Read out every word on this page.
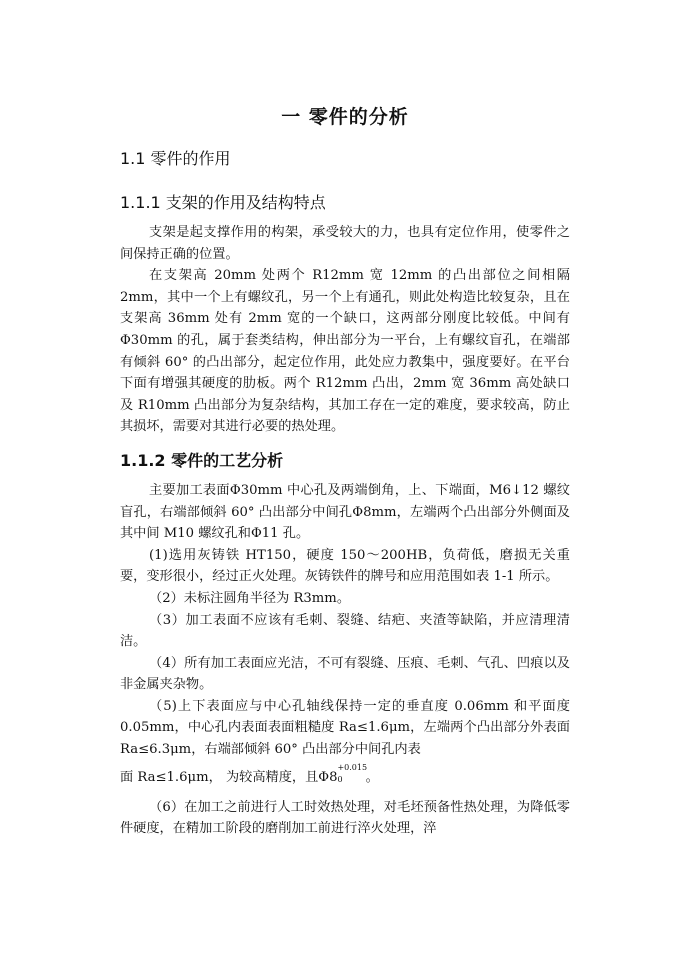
一 零件的分析
1.1 零件的作用
1.1.1 支架的作用及结构特点

支架是起支撑作用的构架，承受较大的力，也具有定位作用，使零件之间保持正确的位置。

在支架高 20mm 处两个 R12mm 宽 12mm 的凸出部位之间相隔 2mm，其中一个上有螺纹孔，另一个上有通孔，则此处构造比较复杂，且在支架高 36mm 处有 2mm 宽的一个缺口，这两部分刚度比较低。中间有Φ30mm 的孔，属于套类结构，伸出部分为一平台，上有螺纹盲孔，在端部有倾斜 60° 的凸出部分，起定位作用，此处应力教集中，强度要好。在平台下面有增强其硬度的肋板。两个 R12mm 凸出，2mm 宽 36mm 高处缺口及 R10mm 凸出部分为复杂结构，其加工存在一定的难度，要求较高，防止其损坏，需要对其进行必要的热处理。

1.1.2 零件的工艺分析

主要加工表面Φ30mm 中心孔及两端倒角，上、下端面，M6↓12 螺纹盲孔，右端部倾斜 60° 凸出部分中间孔Φ8mm，左端两个凸出部分外侧面及其中间 M10 螺纹孔和Φ11 孔。

(1)选用灰铸铁 HT150，硬度 150～200HB，负荷低，磨损无关重要，变形很小，经过正火处理。灰铸铁件的牌号和应用范围如表 1-1 所示。

（2）未标注圆角半径为 R3mm。

（3）加工表面不应该有毛刺、裂缝、结疤、夹渣等缺陷，并应清理清洁。

（4）所有加工表面应光洁，不可有裂缝、压痕、毛刺、气孔、凹痕以及非金属夹杂物。

（5)上下表面应与中心孔轴线保持一定的垂直度 0.06mm 和平面度 0.05mm，中心孔内表面表面粗糙度 Ra≤1.6μm，左端两个凸出部分外表面 Ra≤6.3μm，右端部倾斜 60° 凸出部分中间孔内表

面 Ra≤1.6μm， 为较高精度，且Φ8
+0.015
0 。

（6）在加工之前进行人工时效热处理，对毛坯预备性热处理，为降低零件硬度，在精加工阶段的磨削加工前进行淬火处理，淬
